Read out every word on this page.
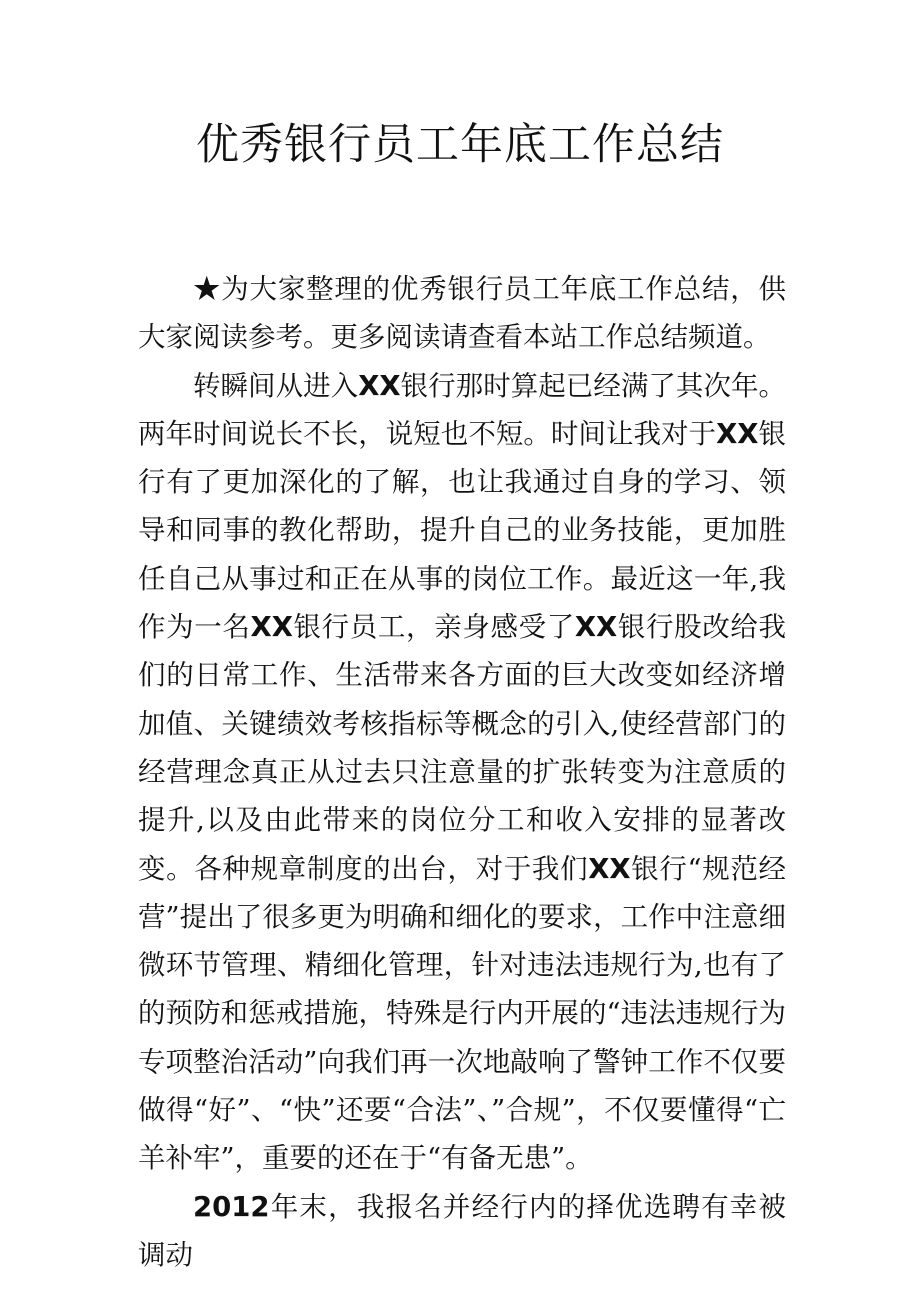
优秀银行员工年底工作总结

★为大家整理的优秀银行员工年底工作总结，供大家阅读参考。更多阅读请查看本站工作总结频道。

转瞬间从进入XX银行那时算起已经满了其次年。两年时间说长不长，说短也不短。时间让我对于XX银行有了更加深化的了解，也让我通过自身的学习、领导和同事的教化帮助，提升自己的业务技能，更加胜任自己从事过和正在从事的岗位工作。最近这一年,我作为一名XX银行员工，亲身感受了XX银行股改给我们的日常工作、生活带来各方面的巨大改变如经济增加值、关键绩效考核指标等概念的引入,使经营部门的经营理念真正从过去只注意量的扩张转变为注意质的提升,以及由此带来的岗位分工和收入安排的显著改变。各种规章制度的出台，对于我们XX银行“规范经营”提出了很多更为明确和细化的要求，工作中注意细微环节管理、精细化管理，针对违法违规行为,也有了的预防和惩戒措施，特殊是行内开展的“违法违规行为专项整治活动”向我们再一次地敲响了警钟工作不仅要做得“好”、“快”还要“合法”、”合规”，不仅要懂得“亡羊补牢”，重要的还在于“有备无患”。

2012年末，我报名并经行内的择优选聘有幸被调动
